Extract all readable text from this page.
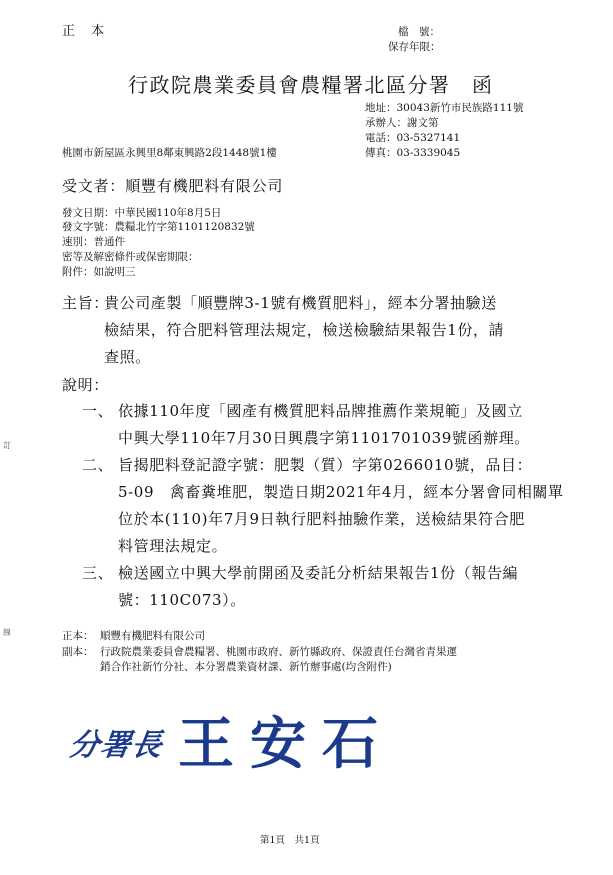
正 本	檔　號：
保存年限：
行政院農業委員會農糧署北區分署　函
地址：30043新竹市民族路111號
承辦人：謝文第
電話：03-5327141
傳真：03-3339045
桃園市新屋區永興里8鄰東興路2段1448號1樓
受文者：順豐有機肥料有限公司
發文日期：中華民國110年8月5日
發文字號：農糧北竹字第1101120832號
速別：普通件
密等及解密條件或保密期限：
附件：如說明三
主旨：
貴公司產製「順豐牌3-1號有機質肥料」，經本分署抽驗送
檢結果，符合肥料管理法規定，檢送檢驗結果報告1份，請
查照。
說明：
一、 依據110年度「國產有機質肥料品牌推薦作業規範」及國立
中興大學110年7月30日興農字第1101701039號函辦理。
二、 旨揭肥料登記證字號：肥製（質）字第0266010號，品目：
5-09　禽畜糞堆肥，製造日期2021年4月，經本分署會同相關單
位於本(110)年7月9日執行肥料抽驗作業，送檢結果符合肥
料管理法規定。
三、 檢送國立中興大學前開函及委託分析結果報告1份（報告編
號：110C073）。
正本： 順豐有機肥料有限公司
副本： 行政院農業委員會農糧署、桃園市政府、新竹縣政府、保證責任台灣省青果運
銷合作社新竹分社、本分署農業資材課、新竹辦事處(均含附件)
分署長 王安石
訂
線
第1頁　共1頁
